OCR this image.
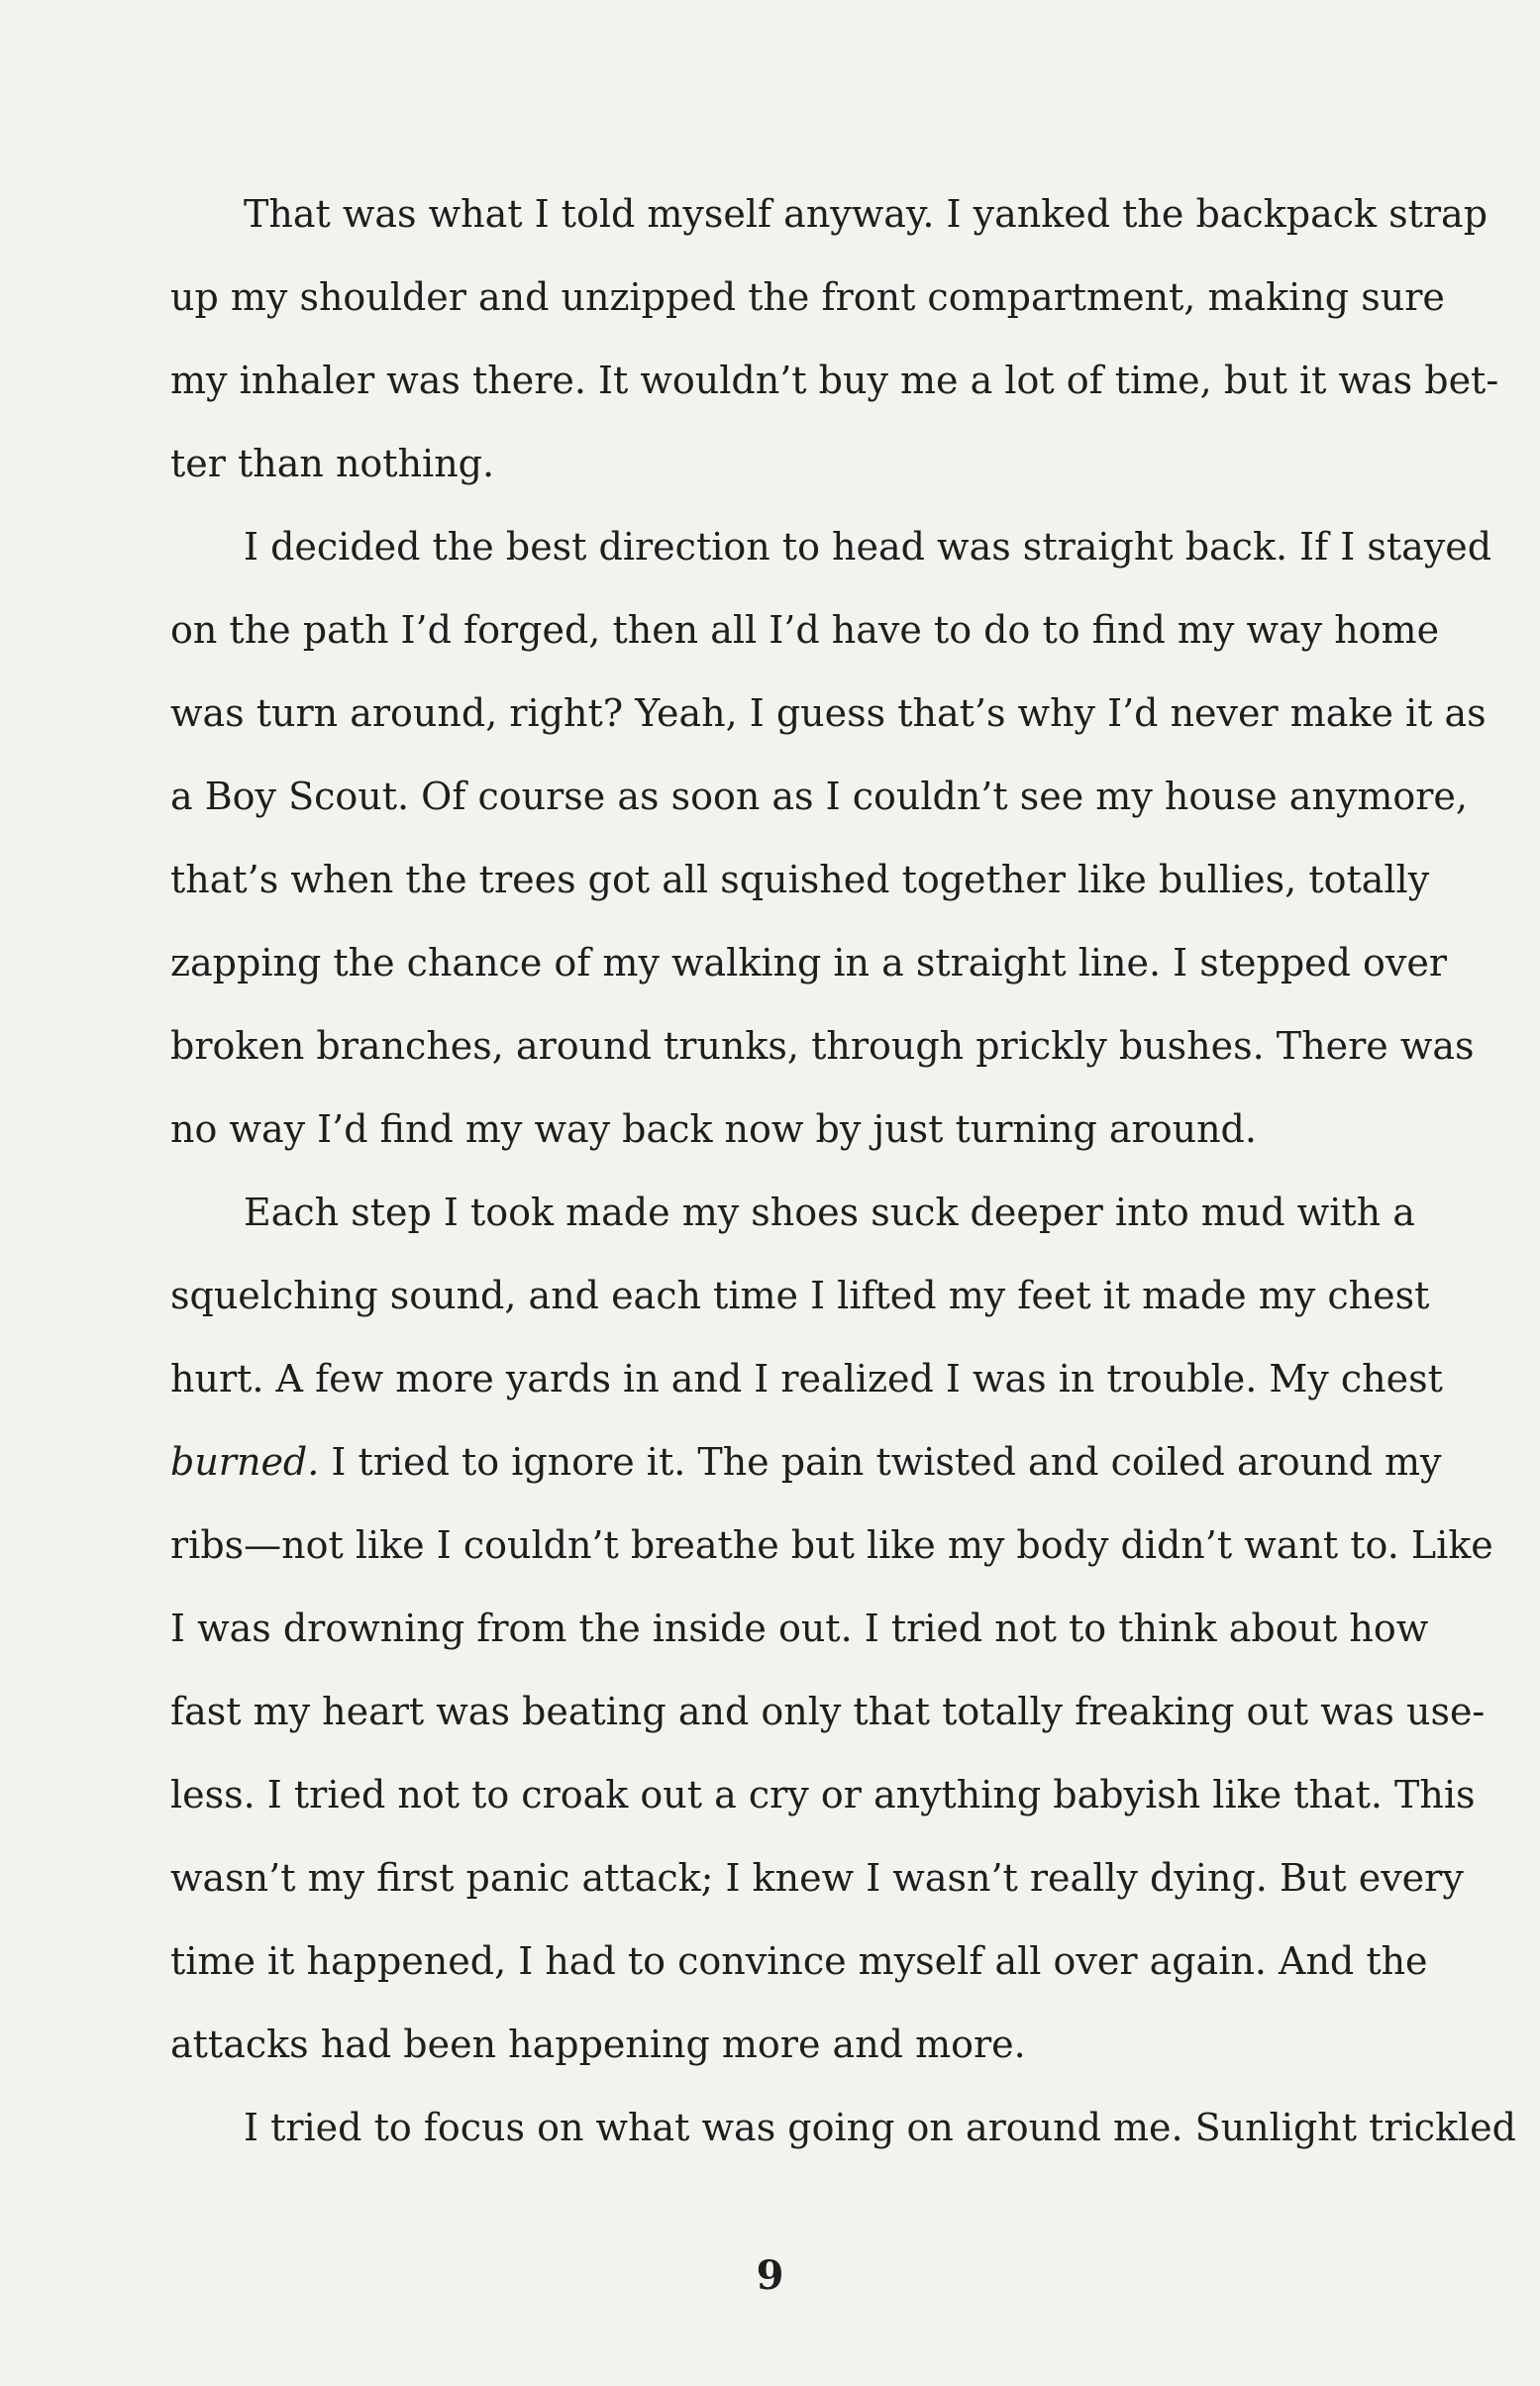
That was what I told myself anyway. I yanked the backpack strap
up my shoulder and unzipped the front compartment, making sure
my inhaler was there. It wouldn’t buy me a lot of time, but it was bet-
ter than nothing.
I decided the best direction to head was straight back. If I stayed
on the path I’d forged, then all I’d have to do to find my way home
was turn around, right? Yeah, I guess that’s why I’d never make it as
a Boy Scout. Of course as soon as I couldn’t see my house anymore,
that’s when the trees got all squished together like bullies, totally
zapping the chance of my walking in a straight line. I stepped over
broken branches, around trunks, through prickly bushes. There was
no way I’d find my way back now by just turning around.
Each step I took made my shoes suck deeper into mud with a
squelching sound, and each time I lifted my feet it made my chest
hurt. A few more yards in and I realized I was in trouble. My chest
burned. I tried to ignore it. The pain twisted and coiled around my
ribs—not like I couldn’t breathe but like my body didn’t want to. Like
I was drowning from the inside out. I tried not to think about how
fast my heart was beating and only that totally freaking out was use-
less. I tried not to croak out a cry or anything babyish like that. This
wasn’t my first panic attack; I knew I wasn’t really dying. But every
time it happened, I had to convince myself all over again. And the
attacks had been happening more and more.
I tried to focus on what was going on around me. Sunlight trickled
9
